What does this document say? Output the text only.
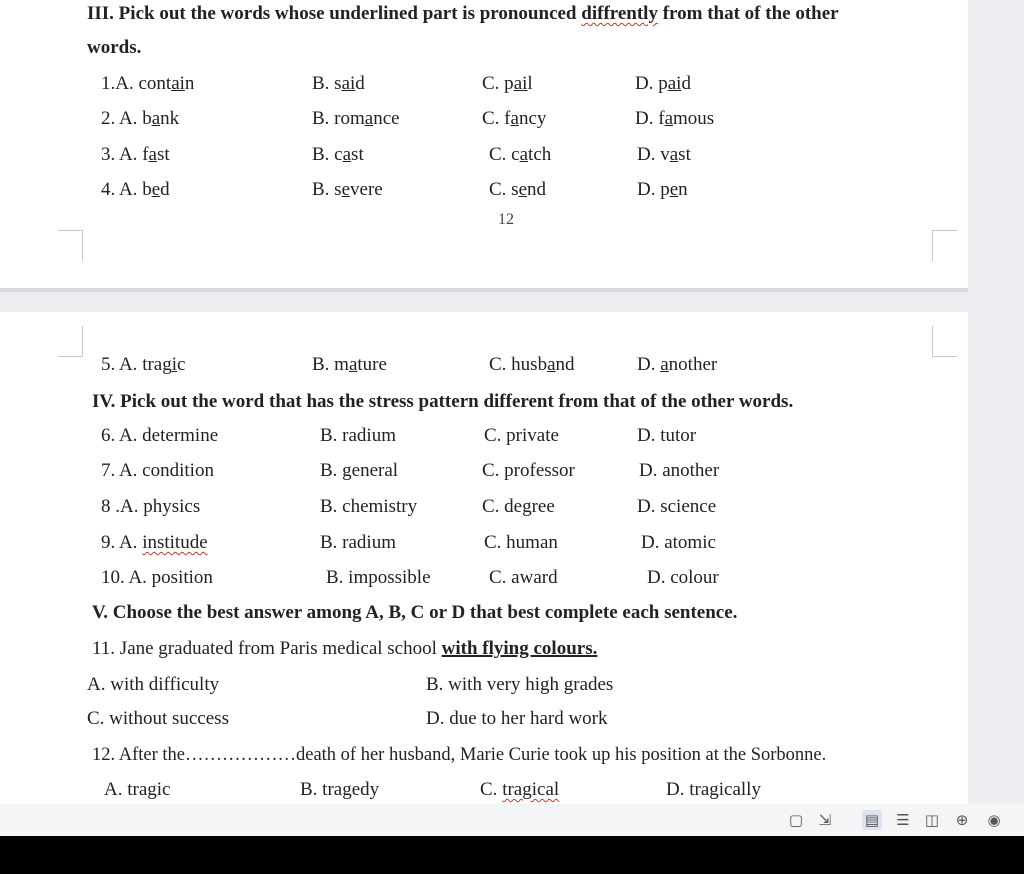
III. Pick out the words whose underlined part is pronounced diffrently from that of the other
words.
1.A. contain	B. said	C. pail	D. paid
2. A. bank	B. romance	C. fancy	D. famous
3. A. fast	B. cast	C. catch	D. vast
4. A. bed	B. severe	C. send	D. pen
12
5. A. tragic	B. mature	C. husband	D. another
IV. Pick out the word that has the stress pattern different from that of the other words.
6. A. determine	B. radium	C. private	D. tutor
7. A. condition	B. general	C. professor	D. another
8 .A. physics	B. chemistry	C. degree	D. science
9. A. institude	B. radium	C. human	D. atomic
10. A. position	B. impossible	C. award	D. colour
V. Choose the best answer among A, B, C or D that best complete each sentence.
11. Jane graduated from Paris medical school with flying colours.
A. with difficulty	B. with very high grades
C. without success	D. due to her hard work
12. After the………………death of her husband, Marie Curie took up his position at the Sorbonne.
A. tragic	B. tragedy	C. tragical	D. tragically
▢ ⇲ ▤ ☰ ◫ ⊕ ◉
